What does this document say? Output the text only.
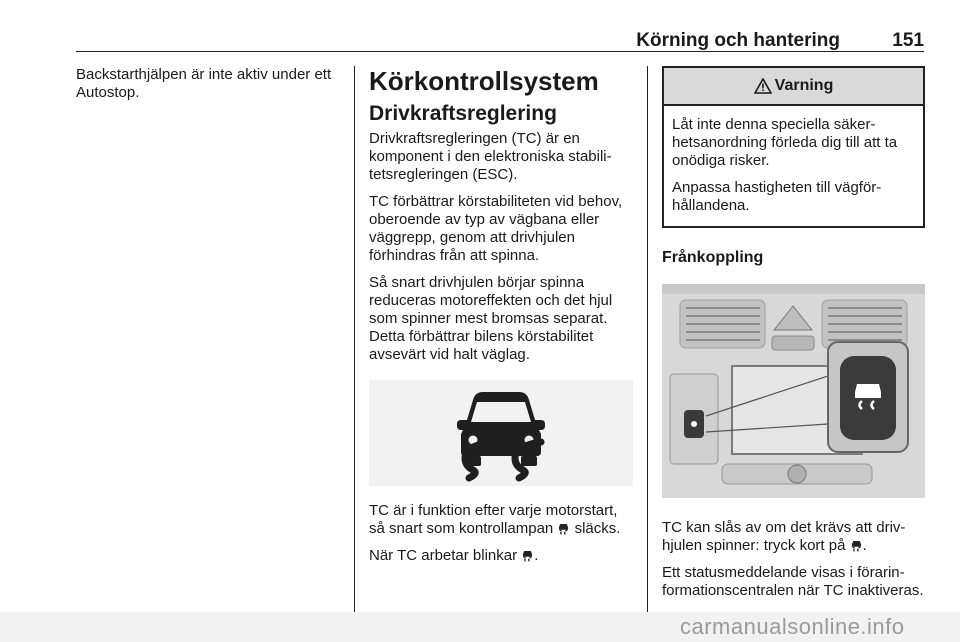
Körning och hantering	151

Backstarthjälpen är inte aktiv under ett Autostop.	Körkontrollsystem
Drivkraftsreglering

Drivkraftsregleringen (TC) är en komponent i den elektroniska stabilitetsregleringen (ESC).

TC förbättrar körstabiliteten vid behov, oberoende av typ av vägbana eller väggrepp, genom att drivhjulen förhindras från att spinna.

Så snart drivhjulen börjar spinna reduceras motoreffekten och det hjul som spinner mest bromsas separat. Detta förbättrar bilens körstabilitet avsevärt vid halt väglag.

TC är i funktion efter varje motorstart, så snart som kontrollampan släcks.

När TC arbetar blinkar .

Varning

Låt inte denna speciella säkerhetsanordning förleda dig till att ta onödiga risker.

Anpassa hastigheten till vägförhållandena.

Frånkoppling

TC kan slås av om det krävs att drivhjulen spinner: tryck kort på .

Ett statusmeddelande visas i förarinformationscentralen när TC inaktiveras.

carmanualsonline.info
